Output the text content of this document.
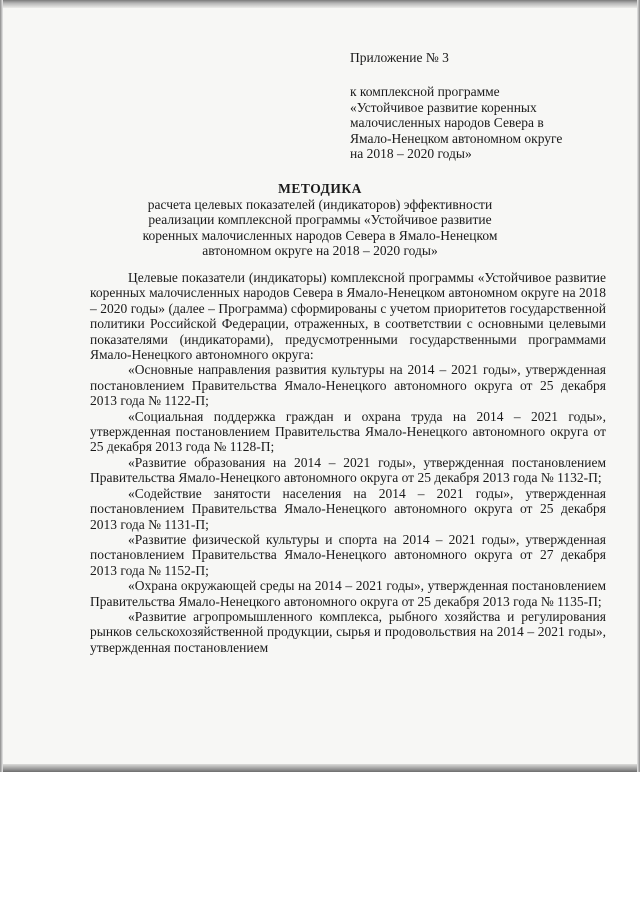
Приложение № 3
к комплексной программе
«Устойчивое развитие коренных
малочисленных народов Севера в
Ямало-Ненецком автономном округе
на 2018 – 2020 годы»
МЕТОДИКА
расчета целевых показателей (индикаторов) эффективности
реализации комплексной программы «Устойчивое развитие
коренных малочисленных народов Севера в Ямало-Ненецком
автономном округе на 2018 – 2020 годы»

Целевые показатели (индикаторы) комплексной программы «Устойчивое развитие коренных малочисленных народов Севера в Ямало-Ненецком автономном округе на 2018 – 2020 годы» (далее – Программа) сформированы с учетом приоритетов государственной политики Российской Федерации, отраженных, в соответствии с основными целевыми показателями (индикаторами), предусмотренными государственными программами Ямало-Ненецкого автономного округа:

«Основные направления развития культуры на 2014 – 2021 годы», утвержденная постановлением Правительства Ямало-Ненецкого автономного округа от 25 декабря 2013 года № 1122-П;

«Социальная поддержка граждан и охрана труда на 2014 – 2021 годы», утвержденная постановлением Правительства Ямало-Ненецкого автономного округа от 25 декабря 2013 года № 1128-П;

«Развитие образования на 2014 – 2021 годы», утвержденная постановлением Правительства Ямало-Ненецкого автономного округа от 25 декабря 2013 года № 1132-П;

«Содействие занятости населения на 2014 – 2021 годы», утвержденная постановлением Правительства Ямало-Ненецкого автономного округа от 25 декабря 2013 года № 1131-П;

«Развитие физической культуры и спорта на 2014 – 2021 годы», утвержденная постановлением Правительства Ямало-Ненецкого автономного округа от 27 декабря 2013 года № 1152-П;

«Охрана окружающей среды на 2014 – 2021 годы», утвержденная постановлением Правительства Ямало-Ненецкого автономного округа от 25 декабря 2013 года № 1135-П;

«Развитие агропромышленного комплекса, рыбного хозяйства и регулирования рынков сельскохозяйственной продукции, сырья и продовольствия на 2014 – 2021 годы», утвержденная постановлением
